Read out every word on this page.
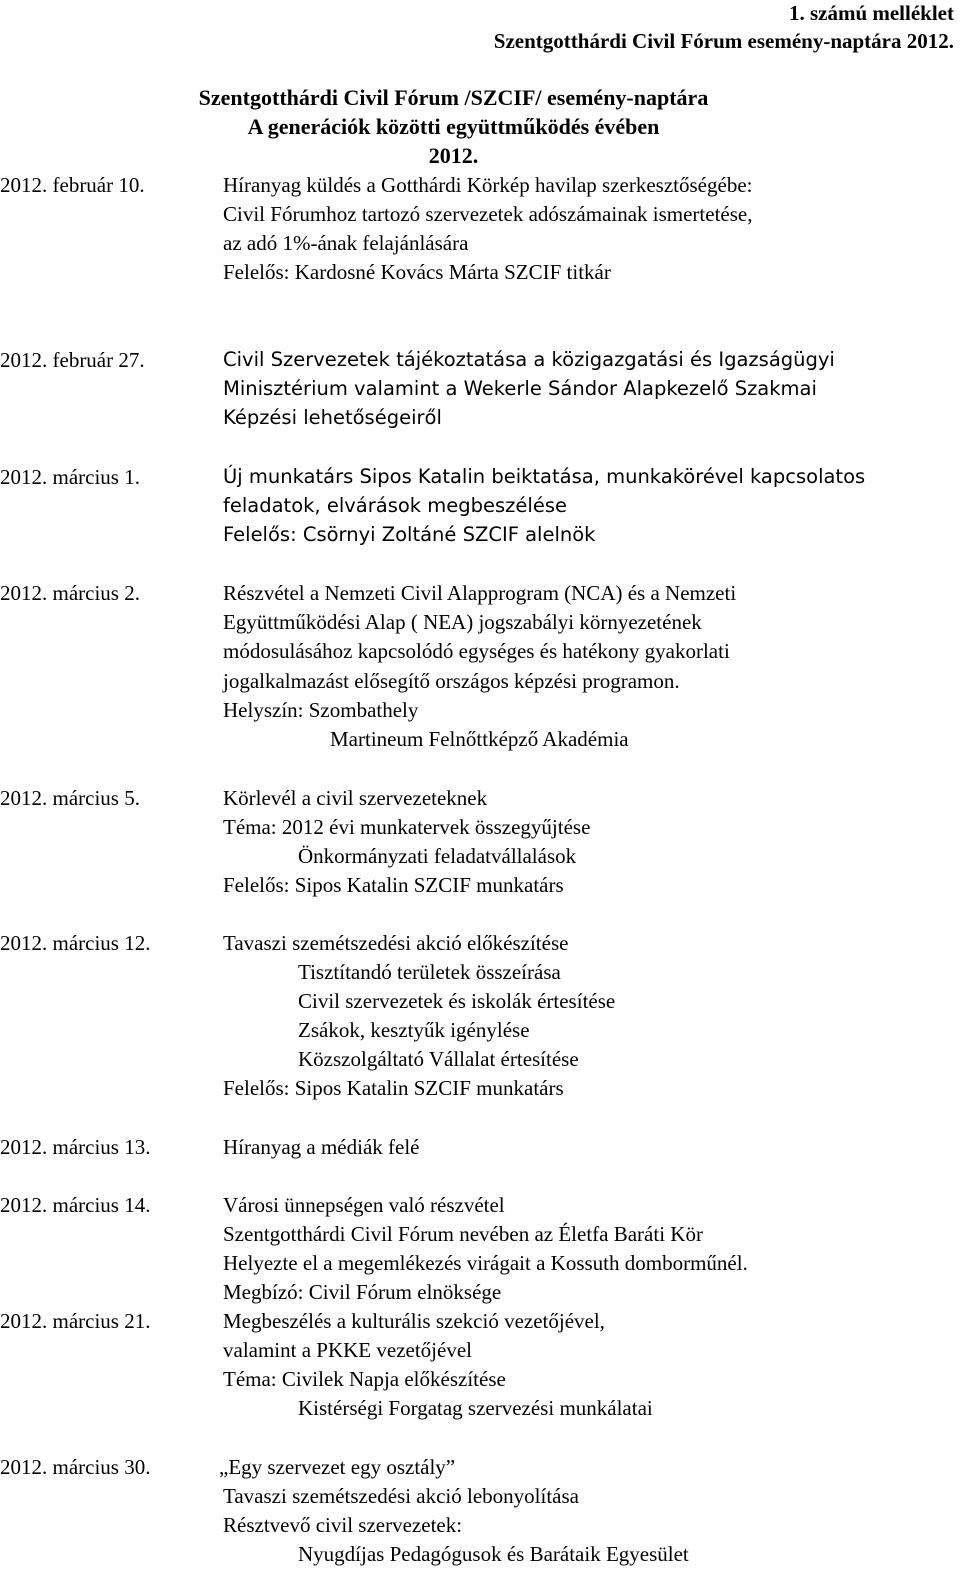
1. számú melléklet
Szentgotthárdi Civil Fórum esemény-naptára 2012.
Szentgotthárdi Civil Fórum /SZCIF/ esemény-naptára
A generációk közötti együttműködés évében
2012.
2012. február 10.	Híranyag küldés a Gotthárdi Körkép havilap szerkesztőségébe:
Civil Fórumhoz tartozó szervezetek adószámainak ismertetése,
az adó 1%-ának felajánlására
Felelős: Kardosné Kovács Márta SZCIF titkár
2012. február 27.	Civil Szervezetek tájékoztatása a közigazgatási és Igazságügyi
Minisztérium valamint a Wekerle Sándor Alapkezelő Szakmai
Képzési lehetőségeiről
2012. március 1.	Új munkatárs Sipos Katalin beiktatása, munkakörével kapcsolatos
feladatok, elvárások megbeszélése
Felelős: Csörnyi Zoltáné SZCIF alelnök
2012. március 2.	Részvétel a Nemzeti Civil Alapprogram (NCA) és a Nemzeti
Együttműködési Alap ( NEA) jogszabályi környezetének
módosulásához kapcsolódó egységes és hatékony gyakorlati
jogalkalmazást elősegítő országos képzési programon.
Helyszín: Szombathely
Martineum Felnőttképző Akadémia
2012. március 5.	Körlevél a civil szervezeteknek
Téma: 2012 évi munkatervek összegyűjtése
Önkormányzati feladatvállalások
Felelős: Sipos Katalin SZCIF munkatárs
2012. március 12.	Tavaszi szemétszedési akció előkészítése
Tisztítandó területek összeírása
Civil szervezetek és iskolák értesítése
Zsákok, kesztyűk igénylése
Közszolgáltató Vállalat értesítése
Felelős: Sipos Katalin SZCIF munkatárs
2012. március 13.	Híranyag a médiák felé
2012. március 14.	Városi ünnepségen való részvétel
Szentgotthárdi Civil Fórum nevében az Életfa Baráti Kör
Helyezte el a megemlékezés virágait a Kossuth domborműnél.
Megbízó: Civil Fórum elnöksége
2012. március 21.	Megbeszélés a kulturális szekció vezetőjével,
valamint a PKKE vezetőjével
Téma: Civilek Napja előkészítése
Kistérségi Forgatag szervezési munkálatai
2012. március 30.	„Egy szervezet egy osztály”
Tavaszi szemétszedési akció lebonyolítása
Résztvevő civil szervezetek:
Nyugdíjas Pedagógusok és Barátaik Egyesület
